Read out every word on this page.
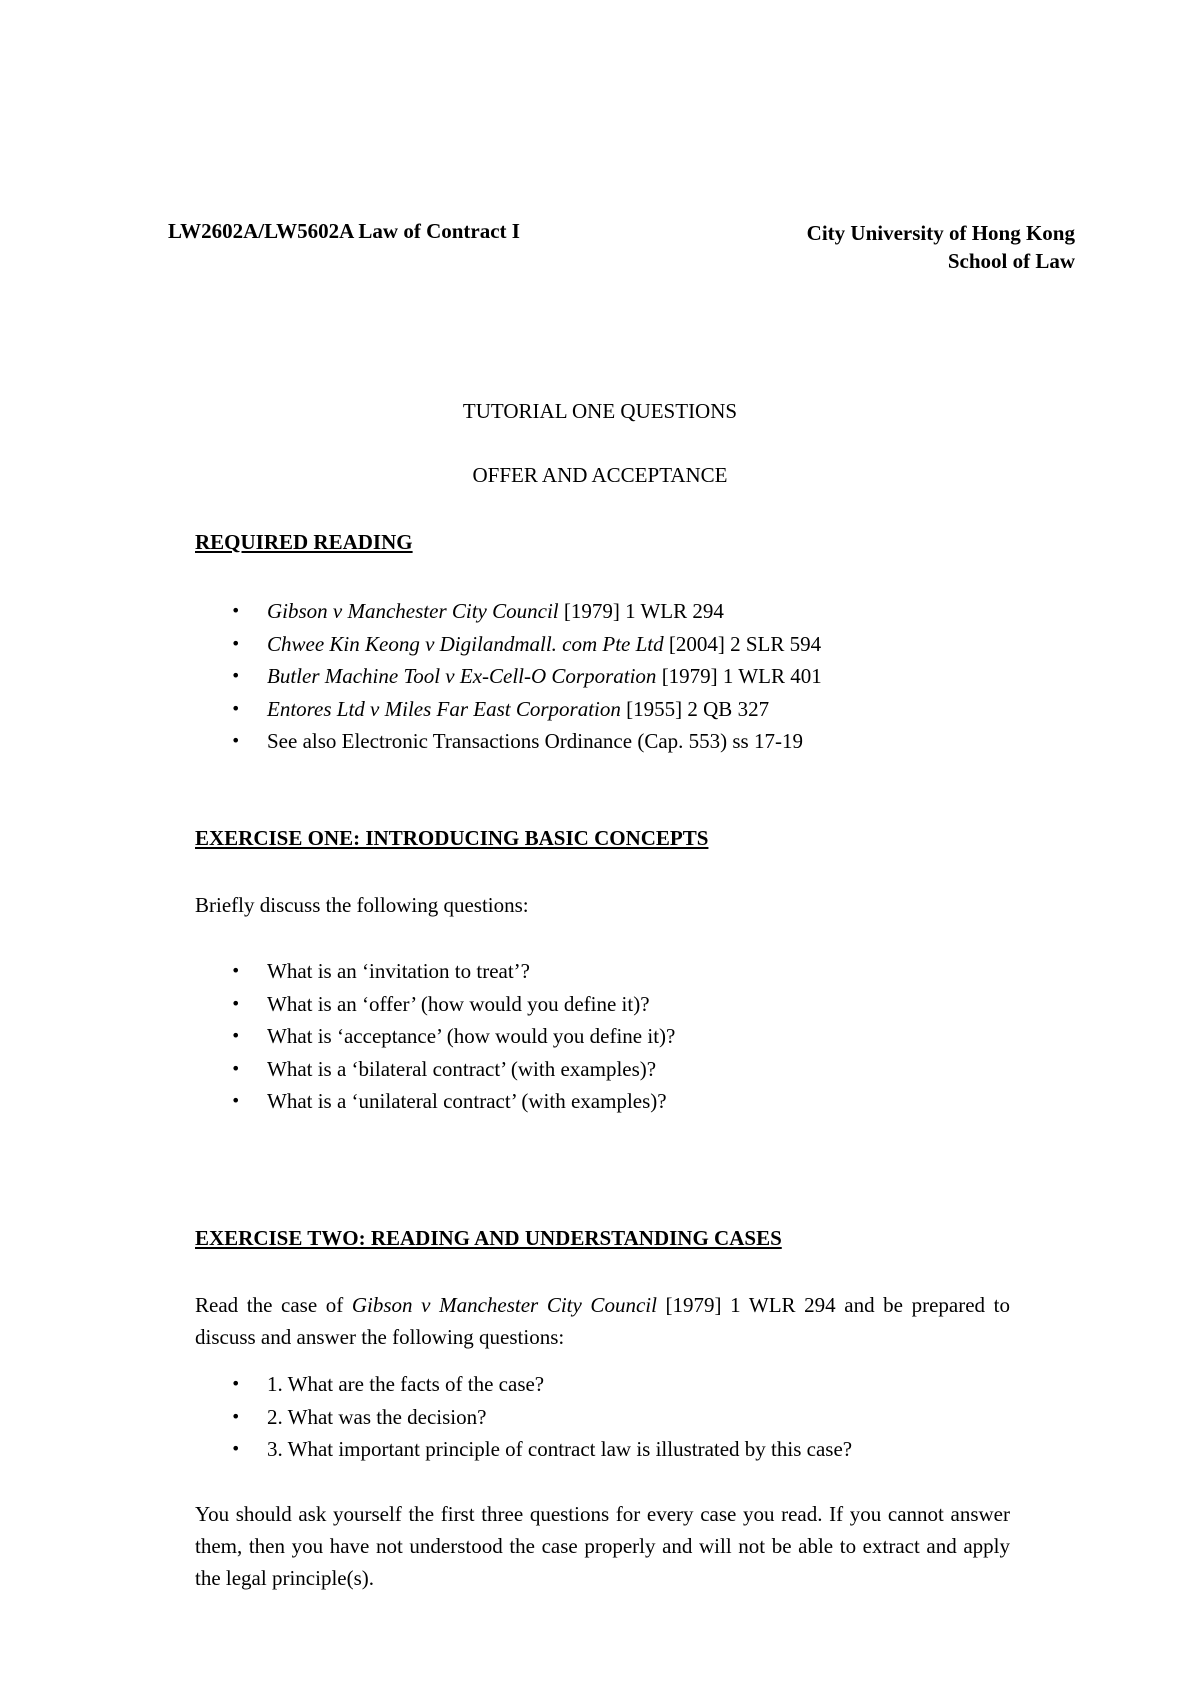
LW2602A/LW5602A Law of Contract I	City University of Hong Kong
School of Law
TUTORIAL ONE QUESTIONS
OFFER AND ACCEPTANCE
REQUIRED READING
• Gibson v Manchester City Council [1979] 1 WLR 294
• Chwee Kin Keong v Digilandmall. com Pte Ltd [2004] 2 SLR 594
• Butler Machine Tool v Ex-Cell-O Corporation [1979] 1 WLR 401
• Entores Ltd v Miles Far East Corporation [1955] 2 QB 327
• See also Electronic Transactions Ordinance (Cap. 553) ss 17-19
EXERCISE ONE: INTRODUCING BASIC CONCEPTS
Briefly discuss the following questions:
• What is an ‘invitation to treat’?
• What is an ‘offer’ (how would you define it)?
• What is ‘acceptance’ (how would you define it)?
• What is a ‘bilateral contract’ (with examples)?
• What is a ‘unilateral contract’ (with examples)?
EXERCISE TWO: READING AND UNDERSTANDING CASES
Read the case of Gibson v Manchester City Council [1979] 1 WLR 294 and be prepared to discuss and answer the following questions:
• 1. What are the facts of the case?
• 2. What was the decision?
• 3. What important principle of contract law is illustrated by this case?
You should ask yourself the first three questions for every case you read. If you cannot answer them, then you have not understood the case properly and will not be able to extract and apply the legal principle(s).
